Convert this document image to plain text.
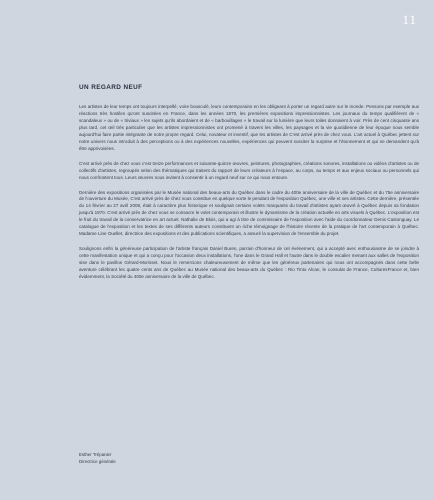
11
UN REGARD NEUF

Les artistes de leur temps ont toujours interpellé, voire bousculé, leurs contemporains en les obligeant à porter un regard autre sur le monde. Pensons par exemple aux réactions très hostiles qu'ont suscitées en France, dans les années 1870, les premières expositions impressionnistes. Les journaux du temps qualifièrent de « scandaleux » ou de « triviaux » les sujets qu'ils abordaient et de « barbouillages » le travail sur la lumière que leurs toiles donnaient à voir. Près de cent cinquante ans plus tard, cet œil très particulier que les artistes impressionnistes ont promené à travers les villes, les paysages et la vie quotidienne de leur époque nous semble aujourd'hui faire partie intégrante de notre propre regard. Celui, novateur et inventif, que les artistes de C'est arrivé près de chez vous. L'art actuel à Québec jettent sur notre univers nous introduit à des perceptions ou à des expériences nouvelles, expériences qui peuvent susciter la surprise et l'étonnement et qui ne demandent qu'à être apprivoisées.

C'est arrivé près de chez vous c'est treize performances et soixante-quinze œuvres, peintures, photographies, créations sonores, installations ou vidéos d'artistes ou de collectifs d'artistes, regroupés selon des thématiques qui traitent du rapport de leurs créateurs à l'espace, au corps, au temps et aux enjeux sociaux ou personnels qui nous confrontent tous. Leurs œuvres nous invitent à consentir à un regard neuf sur ce qui nous entoure.

Dernière des expositions organisées par le Musée national des beaux-arts du Québec dans le cadre du 400e anniversaire de la ville de Québec et du 75e anniversaire de l'ouverture du Musée, C'est arrivé près de chez vous constitue en quelque sorte le pendant de l'exposition Québec, une ville et ses artistes. Cette dernière, présentée du 14 février au 27 avril 2008, était à caractère plus historique et soulignait certains volets marquants du travail d'artistes ayant œuvré à Québec depuis sa fondation jusqu'à 1970. C'est arrivé près de chez vous se consacre le volet contemporain et illustre le dynamisme de la création actuelle en arts visuels à Québec. L'exposition est le fruit du travail de la conservatrice en art actuel, Nathalie de Blois, qui a agi à titre de commissaire de l'exposition avec l'aide du coordonnateur Denis Castonguay. Le catalogue de l'exposition et les textes de ses différents auteurs constituent un riche témoignage de l'histoire récente de la pratique de l'art contemporain à Québec. Madame Line Ouellet, directrice des expositions et des publications scientifiques, a assuré la supervision de l'ensemble du projet.

Soulignons enfin la généreuse participation de l'artiste français Daniel Buren, parrain d'honneur de cet événement, qui a accepté avec enthousiasme de se joindre à cette manifestation unique et qui a conçu pour l'occasion deux installations, l'une dans le Grand Hall et l'autre dans le double escalier menant aux salles de l'exposition sise dans le pavillon Gérard-Morisset. Nous le remercions chaleureusement de même que les généreux partenaires qui nous ont accompagnés dans cette belle aventure célébrant les quatre cents ans de Québec au Musée national des beaux-arts du Québec : Rio Tinto Alcan, le consulat de France, CulturesFrance et, bien évidemment, la Société du 400e anniversaire de la ville de Québec.

Esther Trépanier
Directrice générale
